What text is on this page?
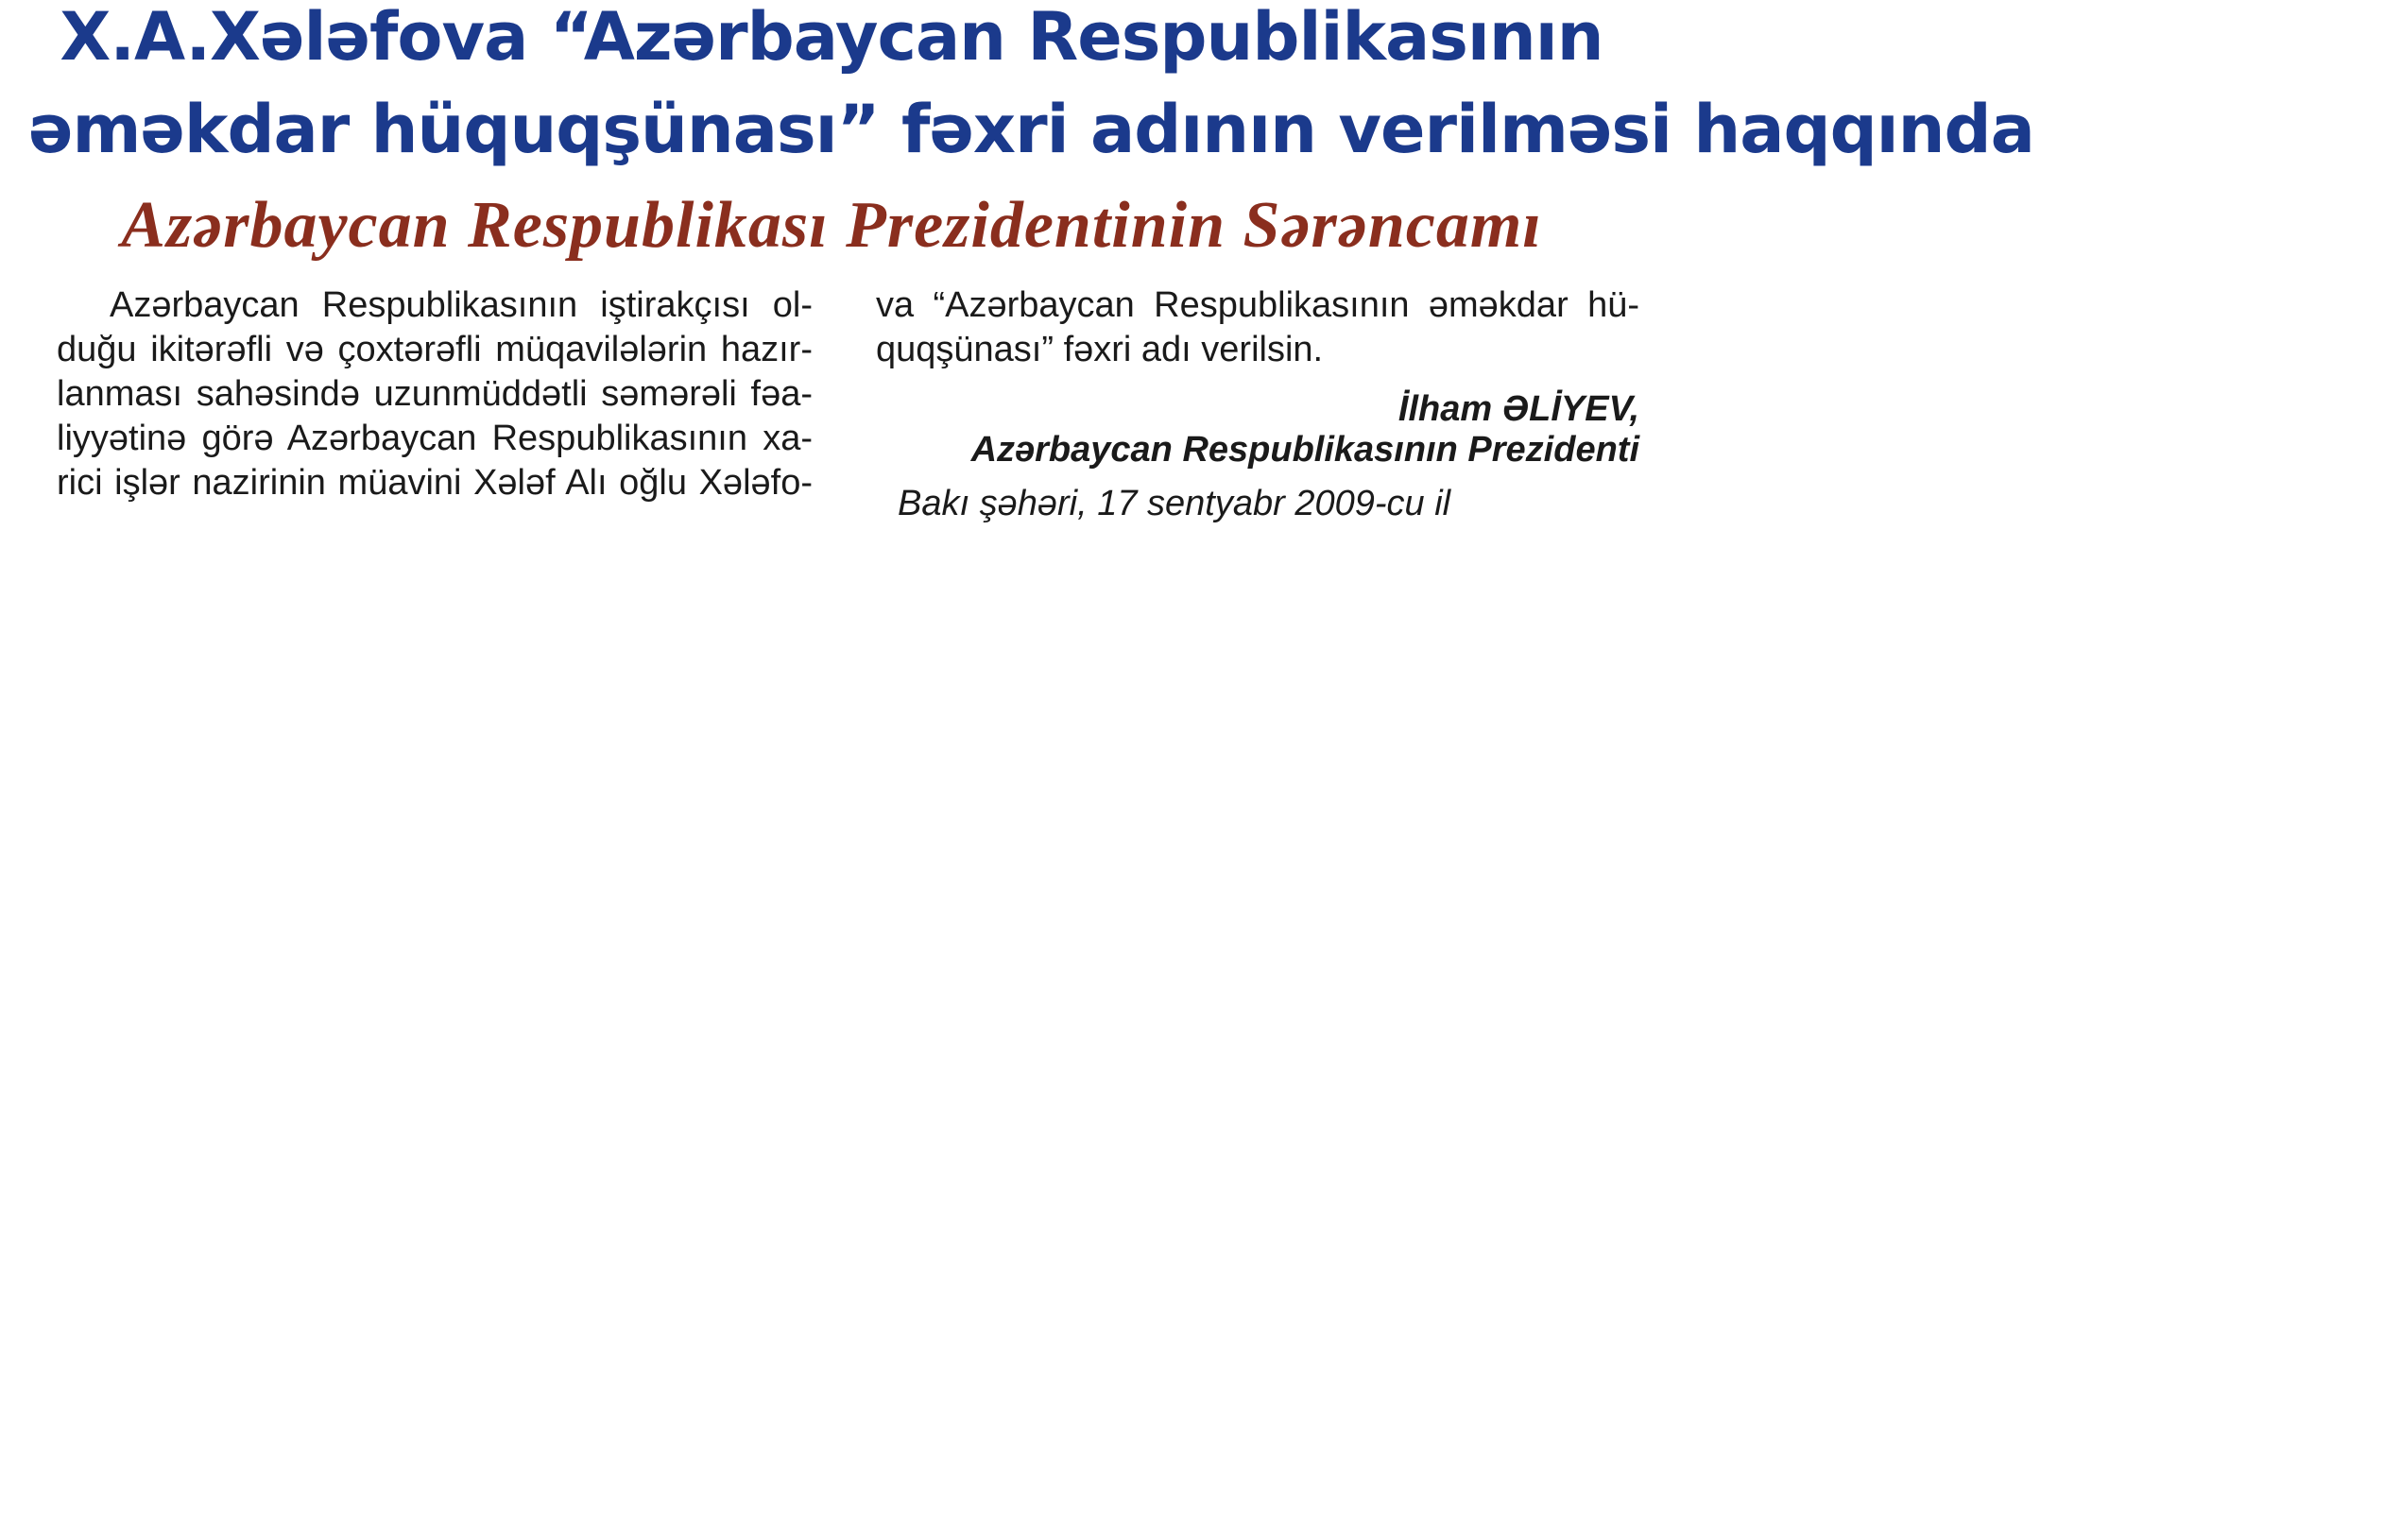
X.A.Xələfova “Azərbaycan Respublikasının
əməkdar hüquqşünası” fəxri adının verilməsi haqqında
Azərbaycan Respublikası Prezidentinin Sərəncamı
Azərbaycan Respublikasının iştirakçısı ol-
duğu ikitərəfli və çoxtərəfli müqavilələrin hazır-
lanması sahəsində uzunmüddətli səmərəli fəa-
liyyətinə görə Azərbaycan Respublikasının xa-
rici işlər nazirinin müavini Xələf Alı oğlu Xələfo-
va “Azərbaycan Respublikasının əməkdar hü-
quqşünası” fəxri adı verilsin.
İlham ƏLİYEV,
Azərbaycan Respublikasının Prezidenti
Bakı şəhəri, 17 sentyabr 2009-cu il
